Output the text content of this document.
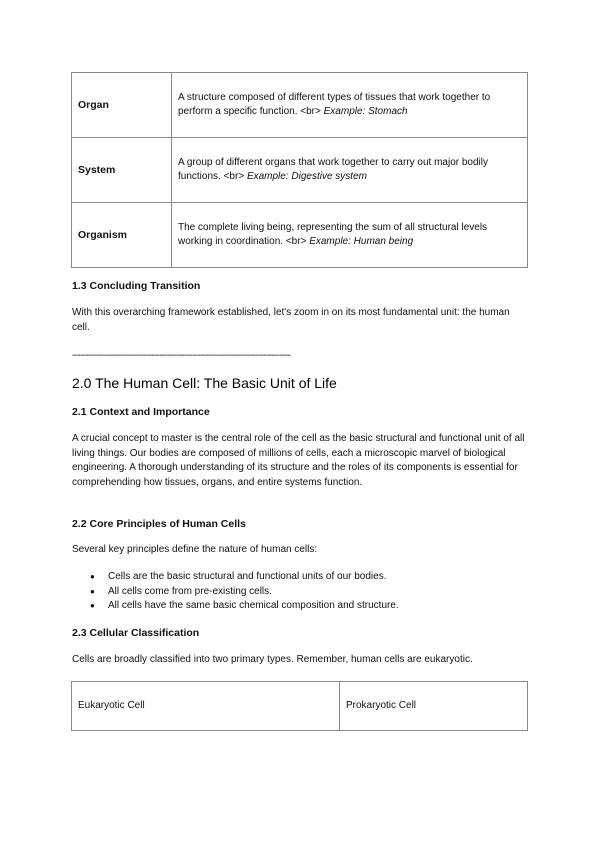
Organ	A structure composed of different types of tissues that work together to perform a specific function. <br> Example: Stomach
System	A group of different organs that work together to carry out major bodily functions. <br> Example: Digestive system
Organism	The complete living being, representing the sum of all structural levels working in coordination. <br> Example: Human being
1.3 Concluding Transition
With this overarching framework established, let's zoom in on its most fundamental unit: the human cell.
--------------------------------------------------------------------------------
2.0 The Human Cell: The Basic Unit of Life
2.1 Context and Importance
A crucial concept to master is the central role of the cell as the basic structural and functional unit of all living things. Our bodies are composed of millions of cells, each a microscopic marvel of biological engineering. A thorough understanding of its structure and the roles of its components is essential for comprehending how tissues, organs, and entire systems function.
2.2 Core Principles of Human Cells
Several key principles define the nature of human cells:
● Cells are the basic structural and functional units of our bodies.
● All cells come from pre-existing cells.
● All cells have the same basic chemical composition and structure.
2.3 Cellular Classification
Cells are broadly classified into two primary types. Remember, human cells are eukaryotic.
Eukaryotic Cell	Prokaryotic Cell
